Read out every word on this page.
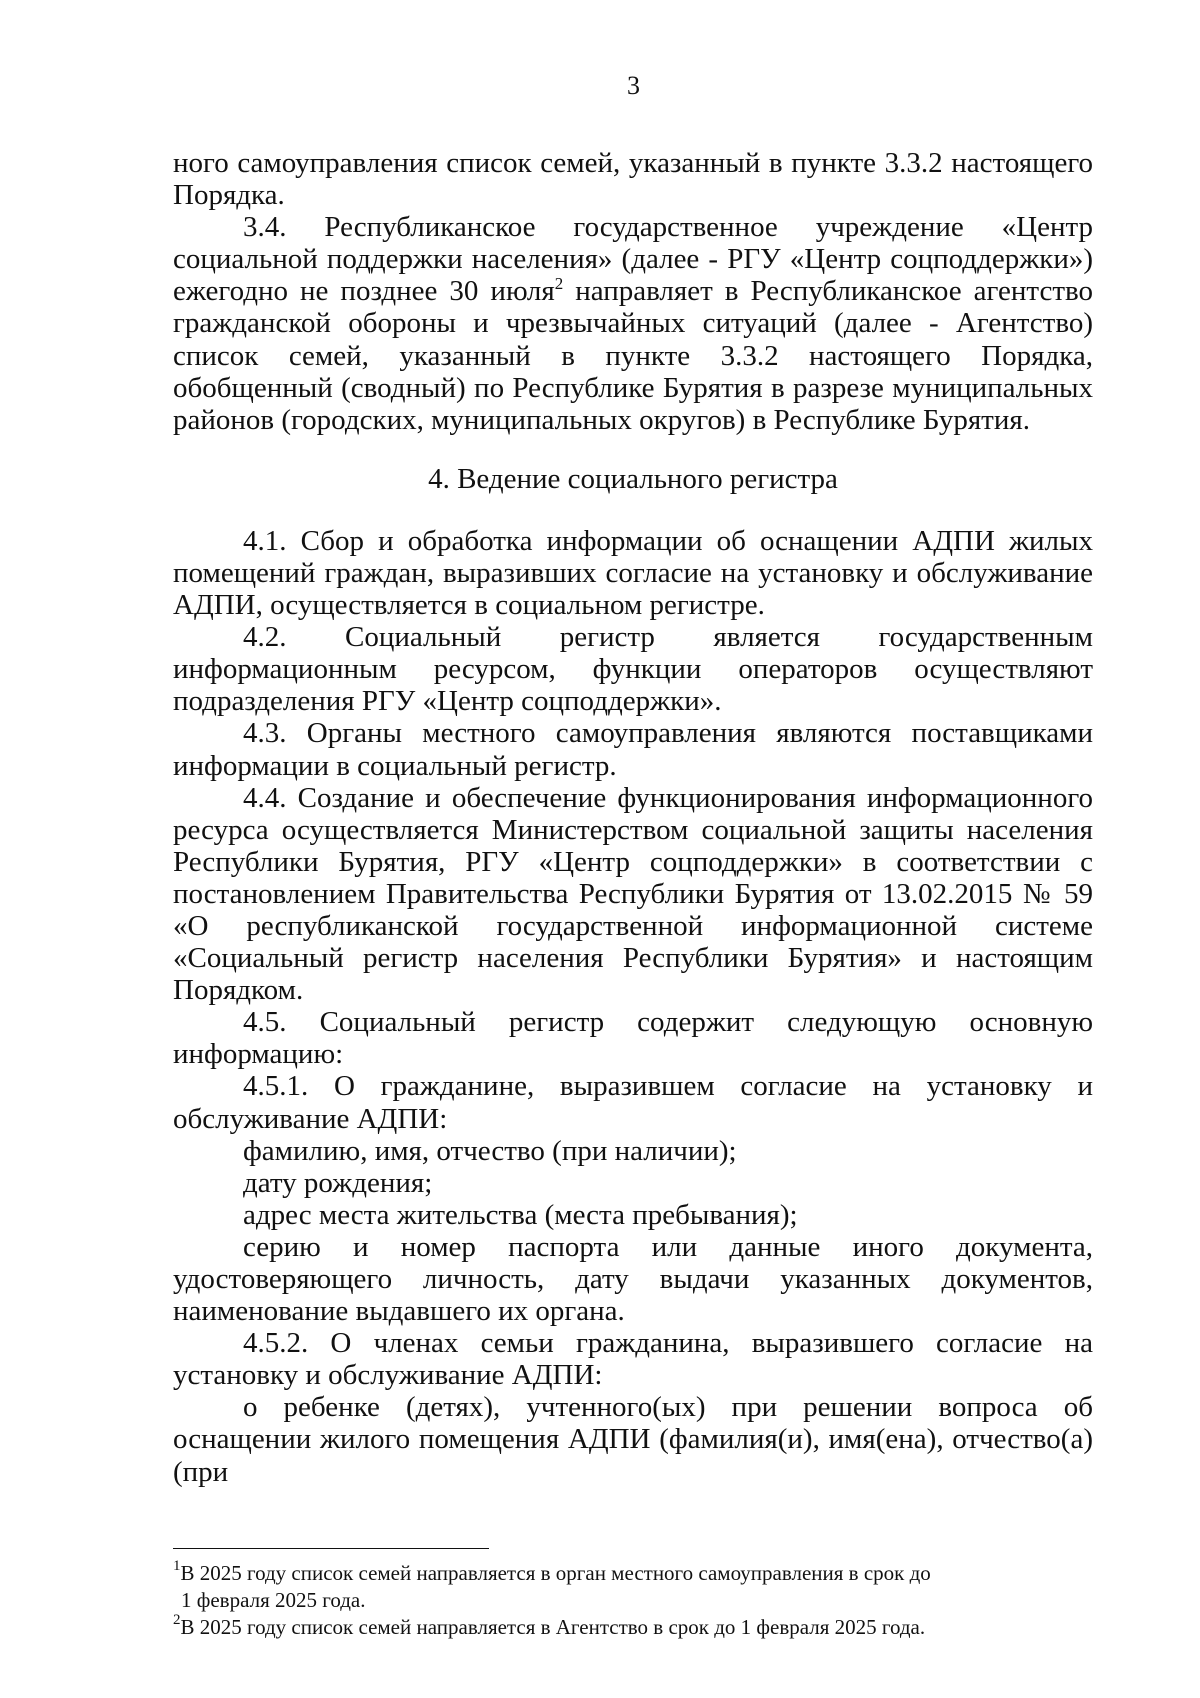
3

ного самоуправления список семей, указанный в пункте 3.3.2 настоящего Порядка.

3.4. Республиканское государственное учреждение «Центр социальной поддержки населения» (далее - РГУ «Центр соцподдержки») ежегодно не позднее 30 июля$^2$ направляет в Республиканское агентство гражданской обороны и чрезвычайных ситуаций (далее - Агентство) список семей, указанный в пункте 3.3.2 настоящего Порядка, обобщенный (сводный) по Республике Бурятия в разрезе муниципальных районов (городских, муниципальных округов) в Республике Бурятия.

4. Ведение социального регистра

4.1. Сбор и обработка информации об оснащении АДПИ жилых помещений граждан, выразивших согласие на установку и обслуживание АДПИ, осуществляется в социальном регистре.

4.2. Социальный регистр является государственным информационным ресурсом, функции операторов осуществляют подразделения РГУ «Центр соцподдержки».

4.3. Органы местного самоуправления являются поставщиками информации в социальный регистр.

4.4. Создание и обеспечение функционирования информационного ресурса осуществляется Министерством социальной защиты населения Республики Бурятия, РГУ «Центр соцподдержки» в соответствии с постановлением Правительства Республики Бурятия от 13.02.2015 № 59 «О республиканской государственной информационной системе «Социальный регистр населения Республики Бурятия» и настоящим Порядком.

4.5. Социальный регистр содержит следующую основную информацию:

4.5.1. О гражданине, выразившем согласие на установку и обслуживание АДПИ:

фамилию, имя, отчество (при наличии);

дату рождения;

адрес места жительства (места пребывания);

серию и номер паспорта или данные иного документа, удостоверяющего личность, дату выдачи указанных документов, наименование выдавшего их органа.

4.5.2. О членах семьи гражданина, выразившего согласие на установку и обслуживание АДПИ:

о ребенке (детях), учтенного(ых) при решении вопроса об оснащении жилого помещения АДПИ (фамилия(и), имя(ена), отчество(а) (при

$^1$В 2025 году список семей направляется в орган местного самоуправления в срок до

1 февраля 2025 года.

$^2$В 2025 году список семей направляется в Агентство в срок до 1 февраля 2025 года.
